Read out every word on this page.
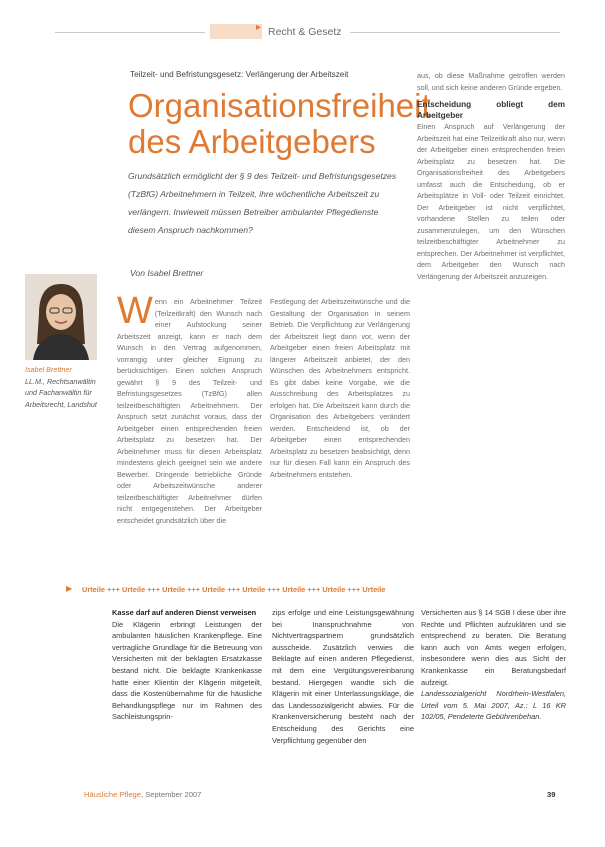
▸ Recht & Gesetz
Teilzeit- und Befristungsgesetz: Verlängerung der Arbeitszeit
Organisationsfreiheit
des Arbeitgebers
Grundsätzlich ermöglicht der § 9 des Teilzeit- und Befristungsgesetzes (TzBfG) Arbeitnehmern in Teilzeit, ihre wöchentliche Arbeitszeit zu verlängern. Inwieweit müssen Betreiber ambulanter Pflegedienste diesem Anspruch nachkommen?
Von Isabel Brettner
Isabel Brettner
LL.M., Rechtsanwältin und Fachanwältin für Arbeitsrecht, Landshut
Wenn ein Arbeitnehmer Teilzeit (Teilzeitkraft) den Wunsch nach einer Aufstockung seiner Arbeitszeit anzeigt, kann er nach dem Wunsch in den Vertrag aufgenommen, vorrangig unter gleicher Eignung zu berücksichtigen. Einen solchen Anspruch gewährt § 9 des Teilzeit- und Befristungsgesetzes (TzBfG) allen teilzeitbeschäftigten Arbeitnehmern. Der Anspruch setzt zunächst voraus, dass der Arbeitgeber einen entsprechenden freien Arbeitsplatz zu besetzen hat. Der Arbeitnehmer muss für diesen Arbeitsplatz mindestens gleich geeignet sein wie andere Bewerber. Dringende betriebliche Gründe oder Arbeitszeitwünsche anderer teilzeitbeschäftigter Arbeitnehmer dürfen nicht entgegenstehen. Der Arbeitgeber entscheidet grundsätzlich über die
Festlegung der Arbeitszeitwünsche und die Gestaltung der Organisation in seinem Betrieb. Die Verpflichtung zur Verlängerung der Arbeitszeit liegt dann vor, wenn der Arbeitgeber einen freien Arbeitsplatz mit längerer Arbeitszeit anbietet, der den Wünschen des Arbeitnehmers entspricht. Es gibt dabei keine Vorgabe, wie die Ausschreibung des Arbeitsplatzes zu erfolgen hat. Die Arbeitszeit kann durch die Organisation des Arbeitgebers verändert werden. Entscheidend ist, ob der Arbeitgeber einen entsprechenden Arbeitsplatz zu besetzen beabsichtigt, denn nur für diesen Fall kann ein Anspruch des Arbeitnehmers entstehen.
aus, ob diese Maßnahme getroffen werden soll, und sich keine anderen Gründe ergeben.
Entscheidung obliegt dem Arbeitgeber
Einen Anspruch auf Verlängerung der Arbeitszeit hat eine Teilzeitkraft also nur, wenn der Arbeitgeber einen entsprechenden freien Arbeitsplatz zu besetzen hat. Die Organisationsfreiheit des Arbeitgebers umfasst auch die Entscheidung, ob er Arbeitsplätze in Voll- oder Teilzeit einrichtet. Der Arbeitgeber ist nicht verpflichtet, vorhandene Stellen zu teilen oder zusammenzulegen, um den Wünschen teilzeitbeschäftigter Arbeitnehmer zu entsprechen. Der Arbeitnehmer ist verpflichtet, dem Arbeitgeber den Wunsch nach Verlängerung der Arbeitszeit anzuzeigen.
▶ Urteile +++ Urteile +++ Urteile +++ Urteile +++ Urteile +++ Urteile +++ Urteile +++ Urteile
Kasse darf auf anderen Dienst verweisen
Die Klägerin erbringt Leistungen der ambulanten häuslichen Krankenpflege. Eine vertragliche Grundlage für die Betreuung von Versicherten mit der beklagten Ersatzkasse bestand nicht. Die beklagte Krankenkasse hatte einer Klientin der Klägerin mitgeteilt, dass die Kostenübernahme für die häusliche Behandlungspflege nur im Rahmen des Sachleistungsprin-
zips erfolge und eine Leistungsgewährung bei Inanspruchnahme von Nichtvertragspartnern grundsätzlich ausscheide. Zusätzlich verwies die Beklagte auf einen anderen Pflegedienst, mit dem eine Vergütungsvereinbarung bestand. Hiergegen wandte sich die Klägerin mit einer Unterlassungsklage, die das Landessozialgericht abwies. Für die Krankenversicherung besteht nach der Entscheidung des Gerichts eine Verpflichtung gegenüber den
Versicherten aus § 14 SGB I diese über ihre Rechte und Pflichten aufzuklären und sie entsprechend zu beraten. Die Beratung kann auch von Amts wegen erfolgen, insbesondere wenn dies aus Sicht der Krankenkasse ein Beratungsbedarf aufzeigt.
Landessozialgericht Nordrhein-Westfalen, Urteil vom 5. Mai 2007, Az.: L 16 KR 102/05, Pendeterte Gebührenbehan.
Häusliche Pflege, September 2007	39
